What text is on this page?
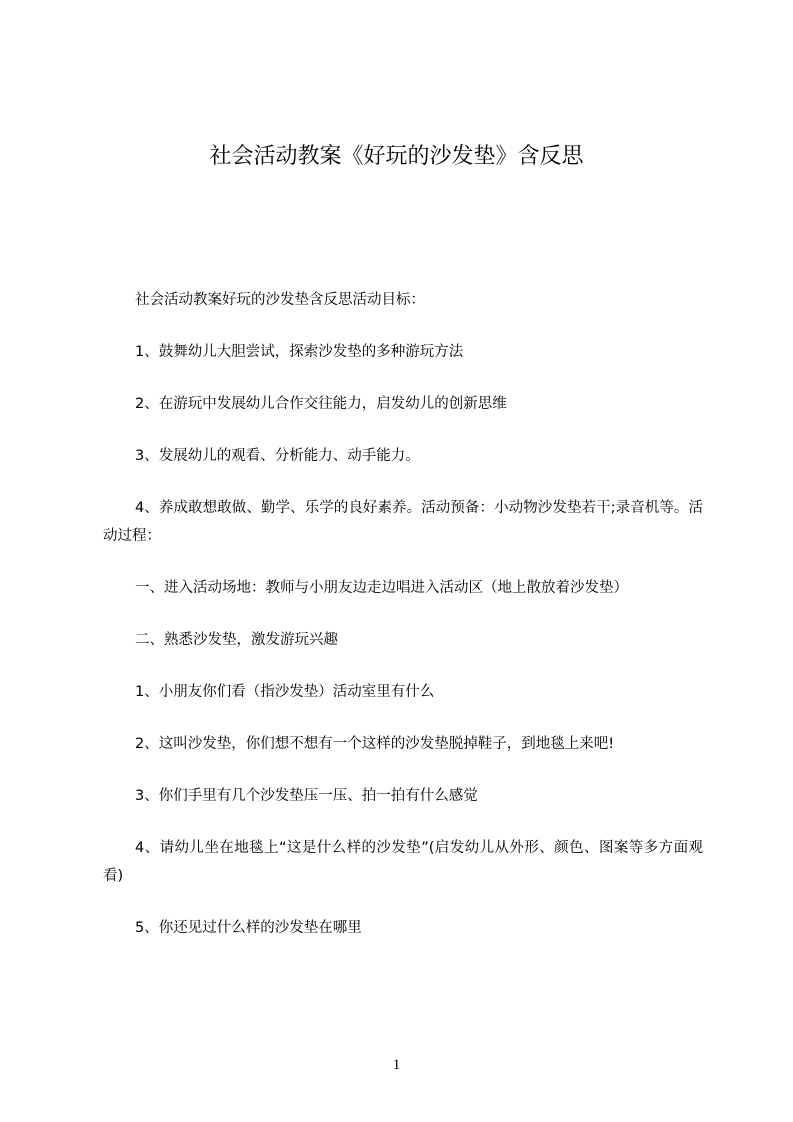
社会活动教案《好玩的沙发垫》含反思

社会活动教案好玩的沙发垫含反思活动目标：

1、鼓舞幼儿大胆尝试，探索沙发垫的多种游玩方法

2、在游玩中发展幼儿合作交往能力，启发幼儿的创新思维

3、发展幼儿的观看、分析能力、动手能力。

4、养成敢想敢做、勤学、乐学的良好素养。活动预备：小动物沙发垫若干;录音机等。活动过程：

一、进入活动场地：教师与小朋友边走边唱进入活动区（地上散放着沙发垫）

二、熟悉沙发垫，激发游玩兴趣

1、小朋友你们看（指沙发垫）活动室里有什么

2、这叫沙发垫，你们想不想有一个这样的沙发垫脱掉鞋子，到地毯上来吧!

3、你们手里有几个沙发垫压一压、拍一拍有什么感觉

4、请幼儿坐在地毯上“这是什么样的沙发垫”(启发幼儿从外形、颜色、图案等多方面观看)

5、你还见过什么样的沙发垫在哪里

1
